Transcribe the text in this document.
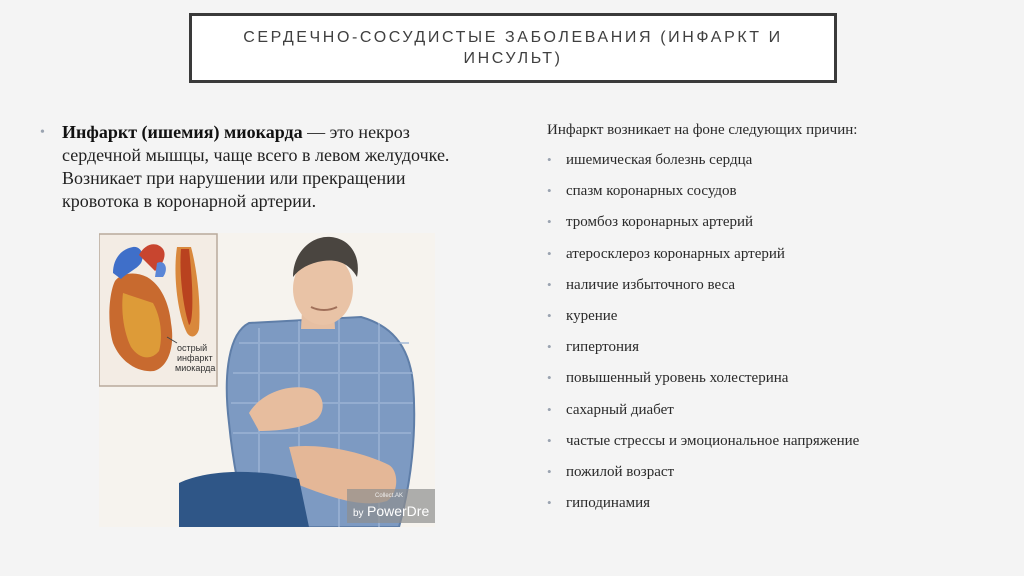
СЕРДЕЧНО-СОСУДИСТЫЕ ЗАБОЛЕВАНИЯ (ИНФАРКТ И ИНСУЛЬТ)
• Инфаркт (ишемия) миокарда — это некроз сердечной мышцы, чаще всего в левом желудочке. Возникает при нарушении или прекращении кровотока в коронарной артерии.
острый
инфаркт
миокарда
Collect.AK
by PowerDre
Инфаркт возникает на фоне следующих причин:
• ишемическая болезнь сердца
• спазм коронарных сосудов
• тромбоз коронарных артерий
• атеросклероз коронарных артерий
• наличие избыточного веса
• курение
• гипертония
• повышенный уровень холестерина
• сахарный диабет
• частые стрессы и эмоциональное напряжение
• пожилой возраст
• гиподинамия
